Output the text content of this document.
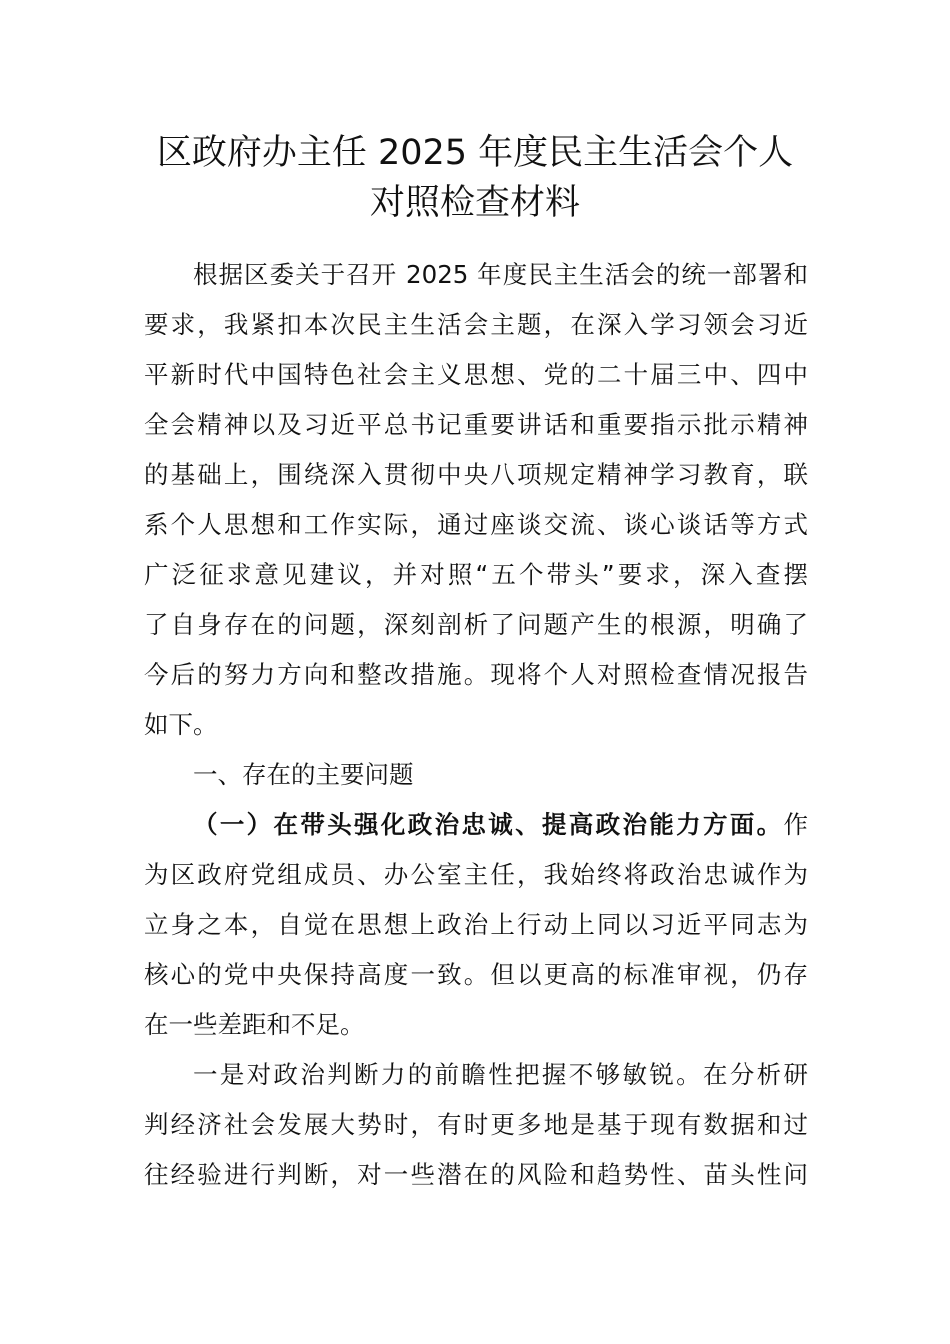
区政府办主任 2025 年度民主生活会个人
对照检查材料
根据区委关于召开 2025 年度民主生活会的统一部署和
要求，我紧扣本次民主生活会主题，在深入学习领会习近
平新时代中国特色社会主义思想、党的二十届三中、四中
全会精神以及习近平总书记重要讲话和重要指示批示精神
的基础上，围绕深入贯彻中央八项规定精神学习教育，联
系个人思想和工作实际，通过座谈交流、谈心谈话等方式
广泛征求意见建议，并对照“五个带头”要求，深入查摆
了自身存在的问题，深刻剖析了问题产生的根源，明确了
今后的努力方向和整改措施。现将个人对照检查情况报告
如下。
一、存在的主要问题
（一）在带头强化政治忠诚、提高政治能力方面。作
为区政府党组成员、办公室主任，我始终将政治忠诚作为
立身之本，自觉在思想上政治上行动上同以习近平同志为
核心的党中央保持高度一致。但以更高的标准审视，仍存
在一些差距和不足。
一是对政治判断力的前瞻性把握不够敏锐。在分析研
判经济社会发展大势时，有时更多地是基于现有数据和过
往经验进行判断，对一些潜在的风险和趋势性、苗头性问
